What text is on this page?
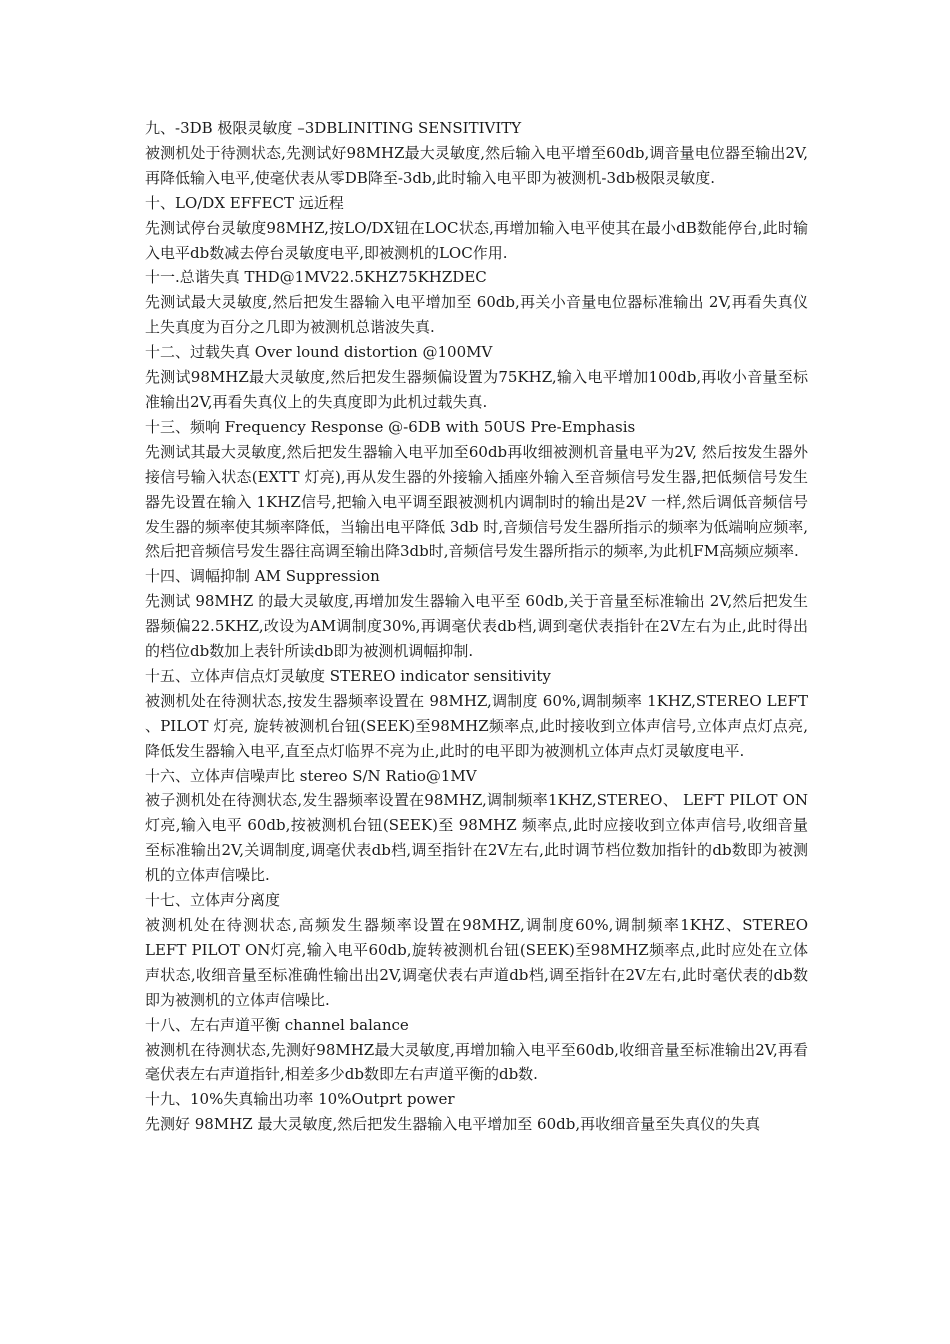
九、-3DB 极限灵敏度 –3DBLINITING SENSITIVITY

被测机处于待测状态,先测试好98MHZ最大灵敏度,然后输入电平增至60db,调音量电位器至输出2V,再降低输入电平,使毫伏表从零DB降至-3db,此时输入电平即为被测机-3db极限灵敏度.

十、LO/DX EFFECT 远近程

先测试停台灵敏度98MHZ,按LO/DX钮在LOC状态,再增加输入电平使其在最小dB数能停台,此时输入电平db数减去停台灵敏度电平,即被测机的LOC作用.

十一.总谐失真 THD@1MV22.5KHZ75KHZDEC

先测试最大灵敏度,然后把发生器输入电平增加至 60db,再关小音量电位器标准输出 2V,再看失真仪上失真度为百分之几即为被测机总谐波失真.

十二、过载失真 Over lound distortion @100MV

先测试98MHZ最大灵敏度,然后把发生器频偏设置为75KHZ,输入电平增加100db,再收小音量至标准输出2V,再看失真仪上的失真度即为此机过载失真.

十三、频响 Frequency Response @-6DB with 50US Pre-Emphasis

先测试其最大灵敏度,然后把发生器输入电平加至60db再收细被测机音量电平为2V, 然后按发生器外接信号输入状态(EXTT 灯亮),再从发生器的外接输入插座外输入至音频信号发生器,把低频信号发生器先设置在输入 1KHZ信号,把输入电平调至跟被测机内调制时的输出是2V 一样,然后调低音频信号发生器的频率使其频率降低，当输出电平降低 3db 时,音频信号发生器所指示的频率为低端响应频率,然后把音频信号发生器往高调至输出降3db时,音频信号发生器所指示的频率,为此机FM高频应频率.

十四、调幅抑制 AM Suppression

先测试 98MHZ 的最大灵敏度,再增加发生器输入电平至 60db,关于音量至标准输出 2V,然后把发生器频偏22.5KHZ,改设为AM调制度30%,再调毫伏表db档,调到毫伏表指针在2V左右为止,此时得出的档位db数加上表针所读db即为被测机调幅抑制.

十五、立体声信点灯灵敏度 STEREO indicator sensitivity

被测机处在待测状态,按发生器频率设置在 98MHZ,调制度 60%,调制频率 1KHZ,STEREO LEFT 、PILOT 灯亮, 旋转被测机台钮(SEEK)至98MHZ频率点,此时接收到立体声信号,立体声点灯点亮,降低发生器输入电平,直至点灯临界不亮为止,此时的电平即为被测机立体声点灯灵敏度电平.

十六、立体声信噪声比 stereo S/N Ratio@1MV

被子测机处在待测状态,发生器频率设置在98MHZ,调制频率1KHZ,STEREO、 LEFT PILOT ON 灯亮,输入电平 60db,按被测机台钮(SEEK)至 98MHZ 频率点,此时应接收到立体声信号,收细音量至标准输出2V,关调制度,调毫伏表db档,调至指针在2V左右,此时调节档位数加指针的db数即为被测机的立体声信噪比.

十七、立体声分离度

被测机处在待测状态,高频发生器频率设置在98MHZ,调制度60%,调制频率1KHZ、STEREO LEFT PILOT ON灯亮,输入电平60db,旋转被测机台钮(SEEK)至98MHZ频率点,此时应处在立体声状态,收细音量至标准确性输出出2V,调毫伏表右声道db档,调至指针在2V左右,此时毫伏表的db数即为被测机的立体声信噪比.

十八、左右声道平衡 channel balance

被测机在待测状态,先测好98MHZ最大灵敏度,再增加输入电平至60db,收细音量至标准输出2V,再看毫伏表左右声道指针,相差多少db数即左右声道平衡的db数.

十九、10%失真输出功率 10%Outprt power

先测好 98MHZ 最大灵敏度,然后把发生器输入电平增加至 60db,再收细音量至失真仪的失真
